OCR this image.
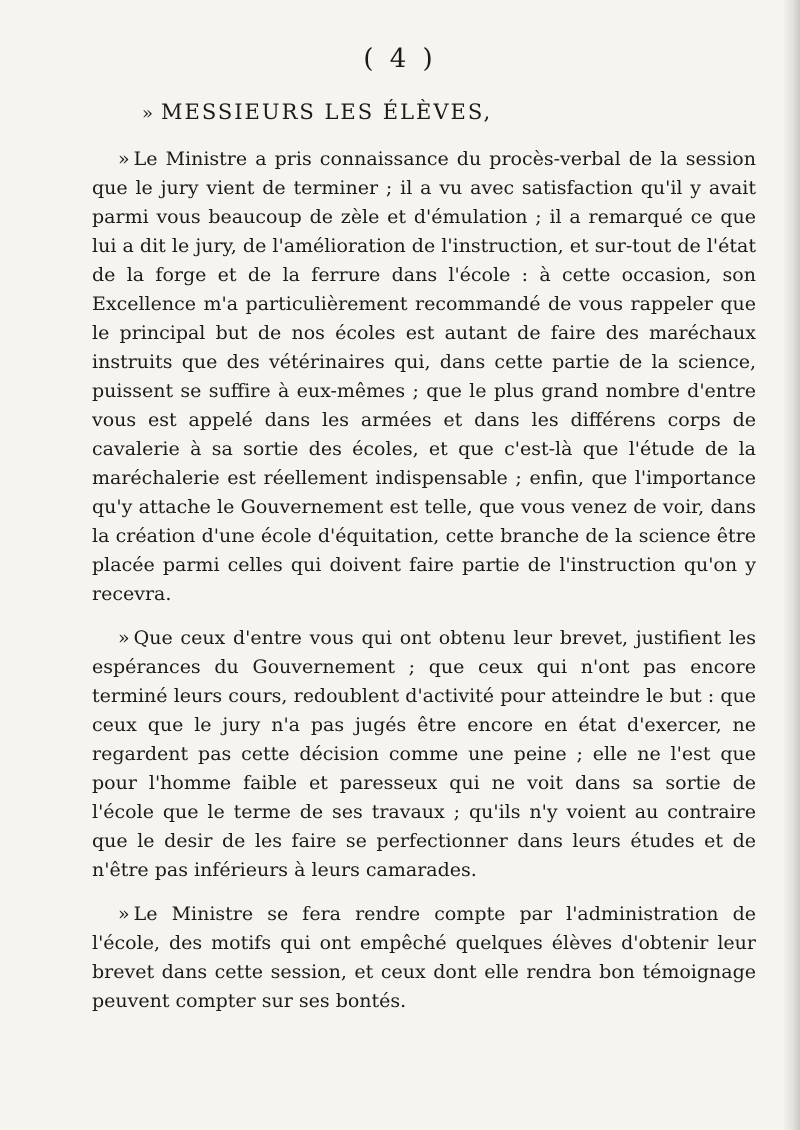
( 4 )
» MESSIEURS LES ÉLÈVES,

» Le Ministre a pris connaissance du procès-verbal de la session que le jury vient de terminer ; il a vu avec satisfaction qu'il y avait parmi vous beaucoup de zèle et d'émulation ; il a remarqué ce que lui a dit le jury, de l'amélioration de l'instruction, et sur-tout de l'état de la forge et de la ferrure dans l'école : à cette occasion, son Excellence m'a particulièrement recommandé de vous rappeler que le principal but de nos écoles est autant de faire des maréchaux instruits que des vétérinaires qui, dans cette partie de la science, puissent se suffire à eux-mêmes ; que le plus grand nombre d'entre vous est appelé dans les armées et dans les différens corps de cavalerie à sa sortie des écoles, et que c'est-là que l'étude de la maréchalerie est réellement indispensable ; enfin, que l'importance qu'y attache le Gouvernement est telle, que vous venez de voir, dans la création d'une école d'équitation, cette branche de la science être placée parmi celles qui doivent faire partie de l'instruction qu'on y recevra.

» Que ceux d'entre vous qui ont obtenu leur brevet, justifient les espérances du Gouvernement ; que ceux qui n'ont pas encore terminé leurs cours, redoublent d'activité pour atteindre le but : que ceux que le jury n'a pas jugés être encore en état d'exercer, ne regardent pas cette décision comme une peine ; elle ne l'est que pour l'homme faible et paresseux qui ne voit dans sa sortie de l'école que le terme de ses travaux ; qu'ils n'y voient au contraire que le desir de les faire se perfectionner dans leurs études et de n'être pas inférieurs à leurs camarades.

» Le Ministre se fera rendre compte par l'administration de l'école, des motifs qui ont empêché quelques élèves d'obtenir leur brevet dans cette session, et ceux dont elle rendra bon témoignage peuvent compter sur ses bontés.
